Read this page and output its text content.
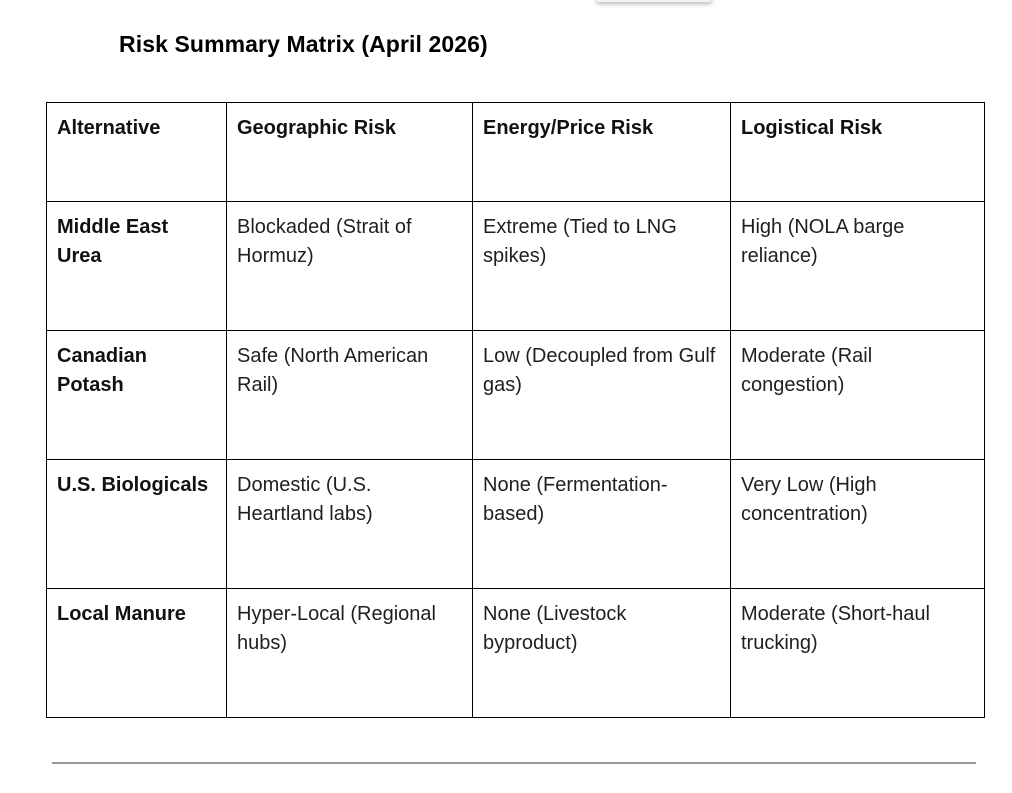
Risk Summary Matrix (April 2026)
Alternative	Geographic Risk	Energy/Price Risk	Logistical Risk
Middle East Urea	Blockaded (Strait of Hormuz)	Extreme (Tied to LNG spikes)	High (NOLA barge reliance)
Canadian Potash	Safe (North American Rail)	Low (Decoupled from Gulf gas)	Moderate (Rail congestion)
U.S. Biologicals	Domestic (U.S. Heartland labs)	None (Fermentation-based)	Very Low (High concentration)
Local Manure	Hyper-Local (Regional hubs)	None (Livestock byproduct)	Moderate (Short-haul trucking)
